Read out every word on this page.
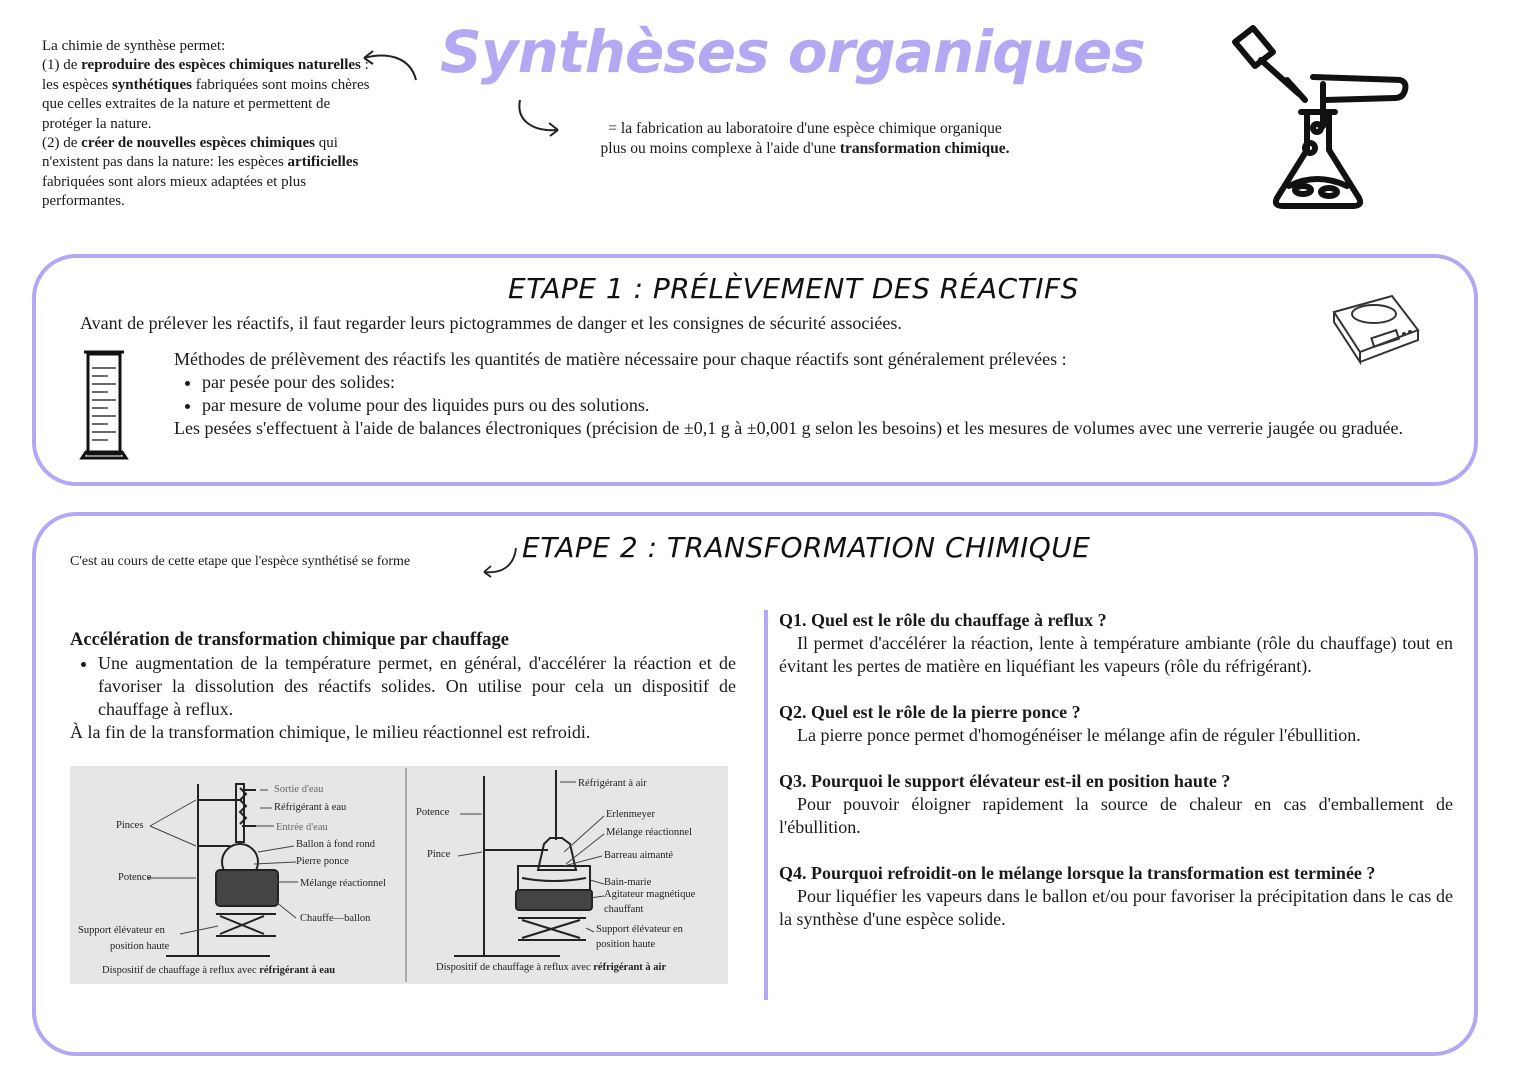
La chimie de synthèse permet:
(1) de reproduire des espèces chimiques naturelles : les espèces synthétiques fabriquées sont moins chères que celles extraites de la nature et permettent de protéger la nature.
(2) de créer de nouvelles espèces chimiques qui n'existent pas dans la nature: les espèces artificielles fabriquées sont alors mieux adaptées et plus performantes.
Synthèses organiques
= la fabrication au laboratoire d'une espèce chimique organique
plus ou moins complexe à l'aide d'une transformation chimique.
ETAPE 1 : PRÉLÈVEMENT DES RÉACTIFS
Avant de prélever les réactifs, il faut regarder leurs pictogrammes de danger et les consignes de sécurité associées.

Méthodes de prélèvement des réactifs les quantités de matière nécessaire pour chaque réactifs sont généralement prélevées :

• par pesée pour des solides:
• par mesure de volume pour des liquides purs ou des solutions.

Les pesées s'effectuent à l'aide de balances électroniques (précision de ±0,1 g à ±0,001 g selon les besoins) et les mesures de volumes avec une verrerie jaugée ou graduée.

C'est au cours de cette etape que l'espèce synthétisé se forme	ETAPE 2 : TRANSFORMATION CHIMIQUE
Accélération de transformation chimique par chauffage
• Une augmentation de la température permet, en général, d'accélérer la réaction et de favoriser la dissolution des réactifs solides. On utilise pour cela un dispositif de chauffage à reflux.

À la fin de la transformation chimique, le milieu réactionnel est refroidi.

Sortie d'eau
Réfrigérant à eau
Entrée d'eau
Pinces
Ballon à fond rond
Pierre ponce
Potence
Mélange réactionnel
Chauffe—ballon
Support élévateur en
position haute
Dispositif de chauffage à reflux avec réfrigérant à eau
Réfrigérant à air
Potence	Erlenmeyer
Mélange réactionnel
Pince	Barreau aimanté
Bain-marie
Agitateur magnétique
chauffant
Support élévateur en
position haute
Dispositif de chauffage à reflux avec réfrigérant à air
Q1. Quel est le rôle du chauffage à reflux ?
Il permet d'accélérer la réaction, lente à température ambiante (rôle du chauffage) tout en évitant les pertes de matière en liquéfiant les vapeurs (rôle du réfrigérant).
Q2. Quel est le rôle de la pierre ponce ?
La pierre ponce permet d'homogénéiser le mélange afin de réguler l'ébullition.
Q3. Pourquoi le support élévateur est-il en position haute ?
Pour pouvoir éloigner rapidement la source de chaleur en cas d'emballement de l'ébullition.
Q4. Pourquoi refroidit-on le mélange lorsque la transformation est terminée ?
Pour liquéfier les vapeurs dans le ballon et/ou pour favoriser la précipitation dans le cas de la synthèse d'une espèce solide.
